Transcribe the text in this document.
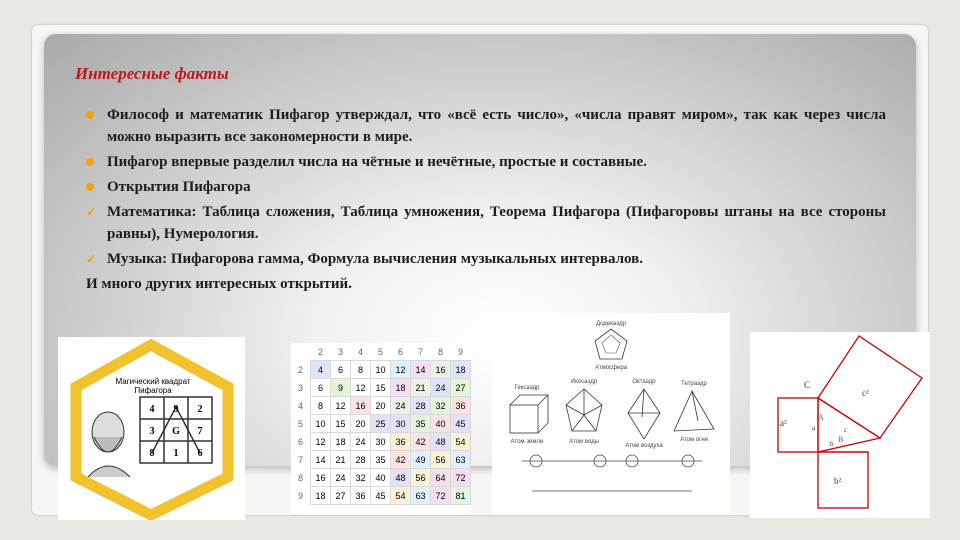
Интересные факты
Философ и математик Пифагор утверждал, что «всё есть число», «числа правят миром», так как через числа можно выразить все закономерности в мире.
Пифагор впервые разделил числа на чётные и нечётные, простые и составные.
Открытия Пифагора
✓ Математика: Таблица сложения, Таблица умножения, Теорема Пифагора (Пифагоровы штаны на все стороны равны), Нумерология.
✓ Музыка: Пифагорова гамма, Формула вычисления музыкальных интервалов.
И много других интересных открытий.
Магический квадрат
Пифагора
4 9 2
3 G 7
8 1 6
	2	3	4	5	6	7	8	9
2	4	6	8	10	12	14	16	18
3	6	9	12	15	18	21	24	27
4	8	12	16	20	24	28	32	36
5	10	15	20	25	30	35	40	45
6	12	18	24	30	36	42	48	54
7	14	21	28	35	42	49	56	63
8	16	24	32	40	48	56	64	72
9	18	27	36	45	54	63	72	81
Додекаэдр
Атмосфера
Гексаэдр
Икосаэдр	Октаэдр	Тетраэдр
Атом земли	Атом воды
Атом воздуха
Атом огня
C
c²
a²
b²
a
b
c
A
B
